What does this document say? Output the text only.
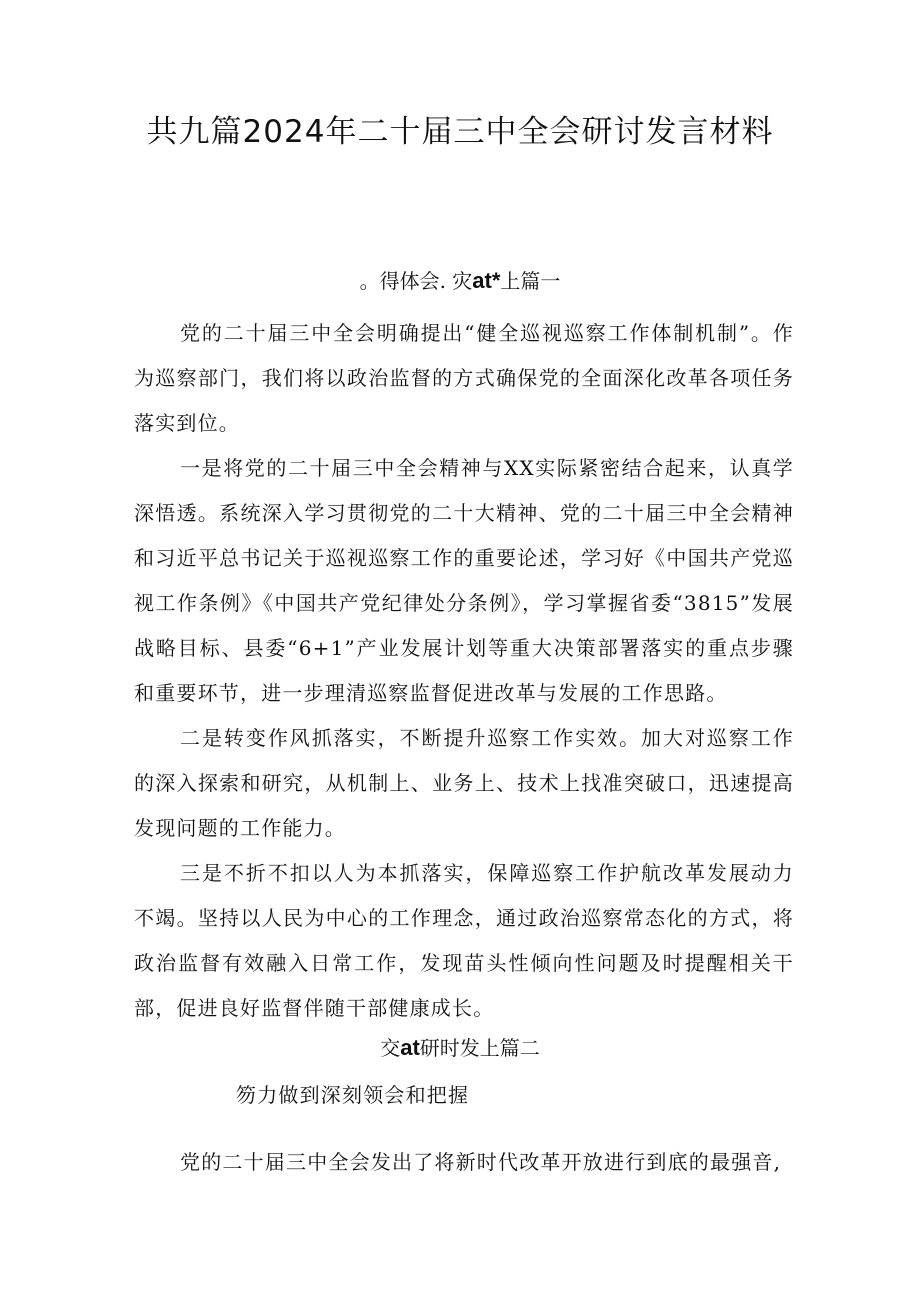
共九篇2024年二十届三中全会研讨发言材料
。得体会. 灾at*上篇一

党的二十届三中全会明确提出“健全巡视巡察工作体制机制”。作为巡察部门，我们将以政治监督的方式确保党的全面深化改革各项任务落实到位。

一是将党的二十届三中全会精神与XX实际紧密结合起来，认真学深悟透。系统深入学习贯彻党的二十大精神、党的二十届三中全会精神和习近平总书记关于巡视巡察工作的重要论述，学习好《中国共产党巡视工作条例》《中国共产党纪律处分条例》，学习掌握省委“3815”发展战略目标、县委“6+1”产业发展计划等重大决策部署落实的重点步骤和重要环节，进一步理清巡察监督促进改革与发展的工作思路。

二是转变作风抓落实，不断提升巡察工作实效。加大对巡察工作的深入探索和研究，从机制上、业务上、技术上找准突破口，迅速提高发现问题的工作能力。

三是不折不扣以人为本抓落实，保障巡察工作护航改革发展动力不竭。坚持以人民为中心的工作理念，通过政治巡察常态化的方式，将政治监督有效融入日常工作，发现苗头性倾向性问题及时提醒相关干部，促进良好监督伴随干部健康成长。

交at研时发上篇二

笏力做到深刻领会和把握

党的二十届三中全会发出了将新时代改革开放进行到底的最强音,
